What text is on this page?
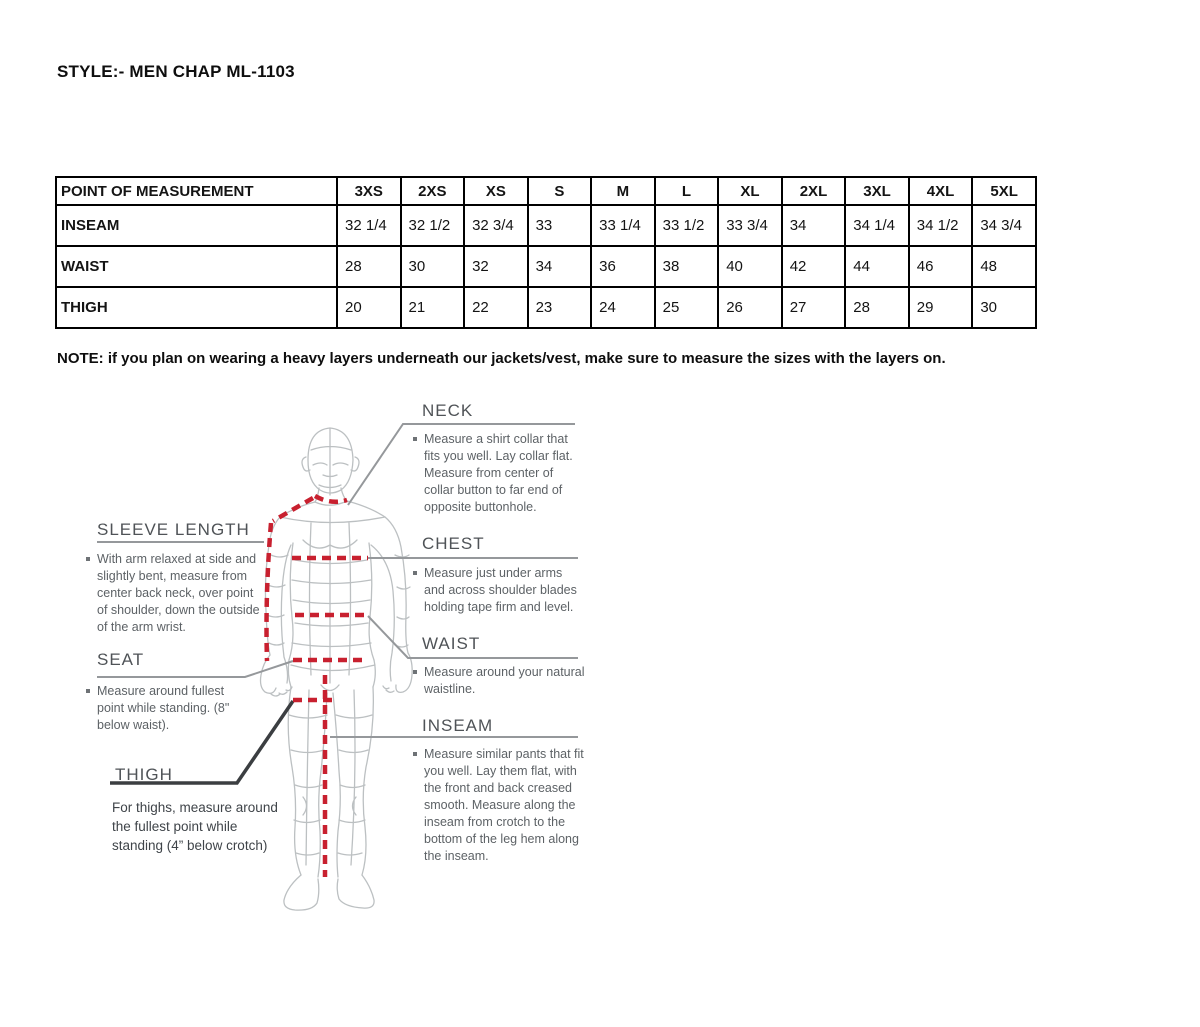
STYLE:- MEN CHAP ML-1103
POINT OF MEASUREMENT	3XS	2XS	XS	S	M	L	XL	2XL	3XL	4XL	5XL
INSEAM	32 1/4	32 1/2	32 3/4	33	33 1/4	33 1/2	33 3/4	34	34 1/4	34 1/2	34 3/4
WAIST	28	30	32	34	36	38	40	42	44	46	48
THIGH	20	21	22	23	24	25	26	27	28	29	30
NOTE: if you plan on wearing a heavy layers underneath our jackets/vest, make sure to measure the sizes with the layers on.
NECK
Measure a shirt collar that fits you well. Lay collar flat. Measure from center of collar button to far end of opposite buttonhole.
CHEST
Measure just under arms and across shoulder blades holding tape firm and level.
WAIST
Measure around your natural waistline.
INSEAM
Measure similar pants that fit you well. Lay them flat, with the front and back creased smooth. Measure along the inseam from crotch to the bottom of the leg hem along the inseam.
SLEEVE LENGTH
With arm relaxed at side and slightly bent, measure from center back neck, over point of shoulder, down the outside of the arm wrist.
SEAT
Measure around fullest point while standing. (8" below waist).
THIGH
For thighs, measure around the fullest point while standing (4” below crotch)
